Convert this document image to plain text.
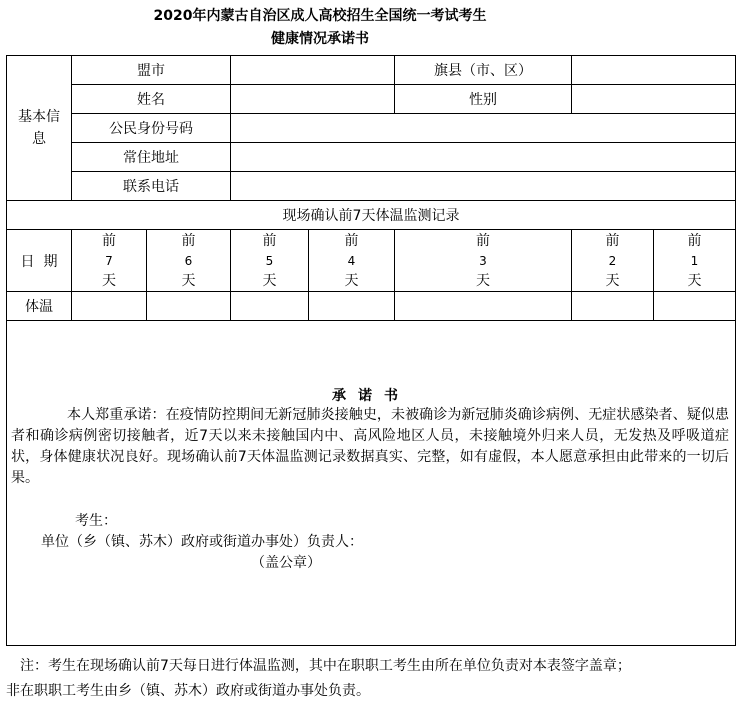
2020年内蒙古自治区成人高校招生全国统一考试考生
健康情况承诺书
基本信息	盟市				旗县（市、区）		
	姓名				性别		
	公民身份号码						
	常住地址						
	联系电话						
现场确认前7天体温监测记录							
日  期	前
7
天	前
6
天	前
5
天	前
4
天	前
3
天	前
2
天	前
1
天

体温							

承诺书
本人郑重承诺：在疫情防控期间无新冠肺炎接触史，未被确诊为新冠肺炎确诊病例、无症状感染者、疑似患者和确诊病例密切接触者，近7天以来未接触国内中、高风险地区人员，未接触境外归来人员，无发热及呼吸道症状，身体健康状况良好。现场确认前7天体温监测记录数据真实、完整，如有虚假，本人愿意承担由此带来的一切后果。
考生：
单位（乡（镇、苏木）政府或街道办事处）负责人：
（盖公章）							
注：考生在现场确认前7天每日进行体温监测，其中在职职工考生由所在单位负责对本表签字盖章；
非在职职工考生由乡（镇、苏木）政府或街道办事处负责。
